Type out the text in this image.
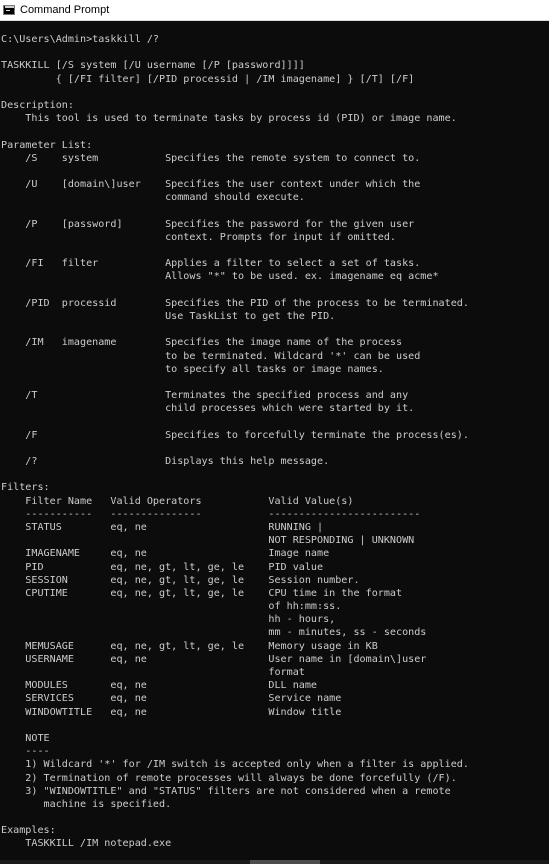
Command Prompt
C:\Users\Admin>taskkill /?
TASKKILL [/S system [/U username [/P [password]]]]
{ [/FI filter] [/PID processid | /IM imagename] } [/T] [/F]
Description:
This tool is used to terminate tasks by process id (PID) or image name.
Parameter List:
/S    system           Specifies the remote system to connect to.
/U    [domain\]user    Specifies the user context under which the
command should execute.
/P    [password]       Specifies the password for the given user
context. Prompts for input if omitted.
/FI   filter           Applies a filter to select a set of tasks.
Allows "*" to be used. ex. imagename eq acme*
/PID  processid        Specifies the PID of the process to be terminated.
Use TaskList to get the PID.
/IM   imagename        Specifies the image name of the process
to be terminated. Wildcard '*' can be used
to specify all tasks or image names.
/T                     Terminates the specified process and any
child processes which were started by it.
/F                     Specifies to forcefully terminate the process(es).
/?                     Displays this help message.
Filters:
Filter Name   Valid Operators           Valid Value(s)
-----------   ---------------           -------------------------
STATUS        eq, ne                    RUNNING |
NOT RESPONDING | UNKNOWN
IMAGENAME     eq, ne                    Image name
PID           eq, ne, gt, lt, ge, le    PID value
SESSION       eq, ne, gt, lt, ge, le    Session number.
CPUTIME       eq, ne, gt, lt, ge, le    CPU time in the format
of hh:mm:ss.
hh - hours,
mm - minutes, ss - seconds
MEMUSAGE      eq, ne, gt, lt, ge, le    Memory usage in KB
USERNAME      eq, ne                    User name in [domain\]user
format
MODULES       eq, ne                    DLL name
SERVICES      eq, ne                    Service name
WINDOWTITLE   eq, ne                    Window title
NOTE
----
1) Wildcard '*' for /IM switch is accepted only when a filter is applied.
2) Termination of remote processes will always be done forcefully (/F).
3) "WINDOWTITLE" and "STATUS" filters are not considered when a remote
machine is specified.
Examples:
TASKKILL /IM notepad.exe
